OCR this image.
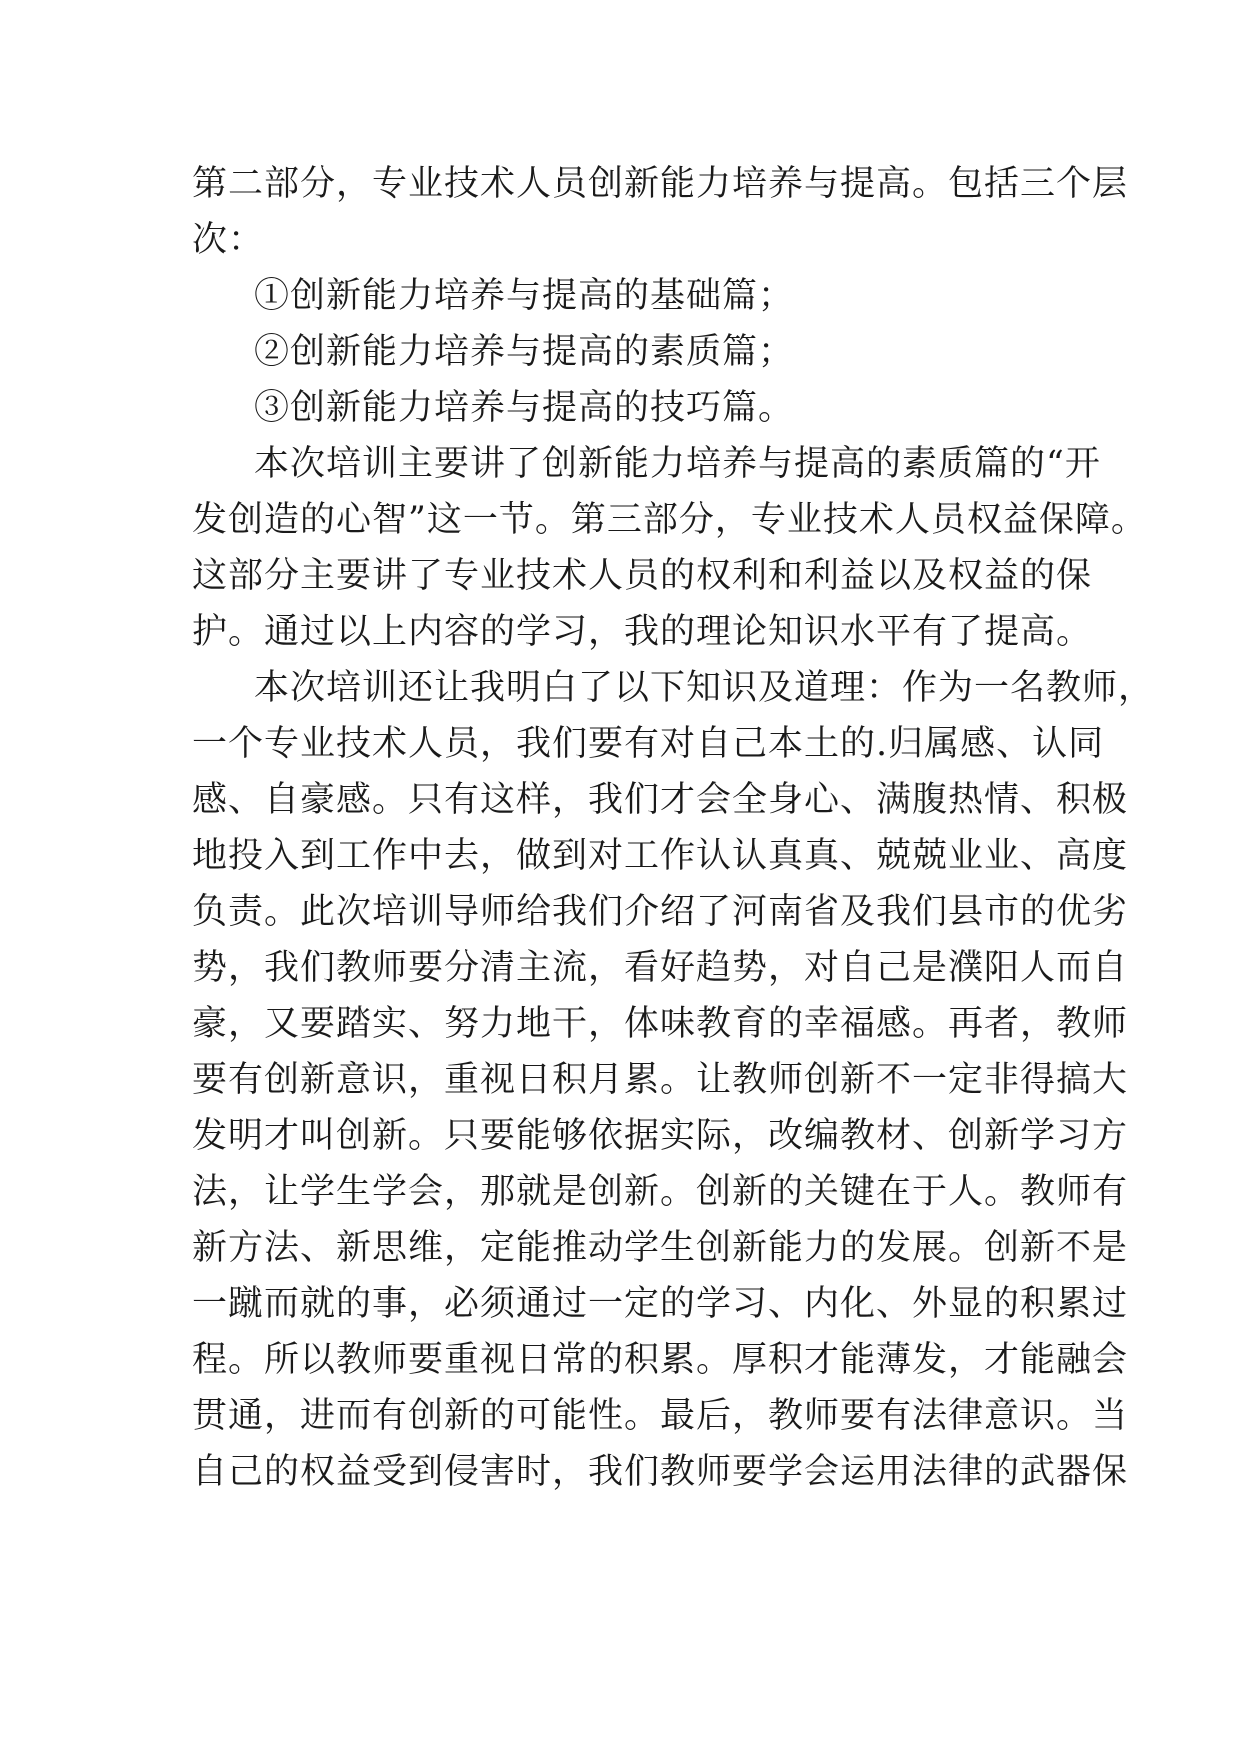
第二部分，专业技术人员创新能力培养与提高。包括三个层
次：
①创新能力培养与提高的基础篇；
②创新能力培养与提高的素质篇；
③创新能力培养与提高的技巧篇。
本次培训主要讲了创新能力培养与提高的素质篇的“开
发创造的心智”这一节。第三部分，专业技术人员权益保障。
这部分主要讲了专业技术人员的权利和利益以及权益的保
护。通过以上内容的学习，我的理论知识水平有了提高。
本次培训还让我明白了以下知识及道理：作为一名教师，
一个专业技术人员，我们要有对自己本土的.归属感、认同
感、自豪感。只有这样，我们才会全身心、满腹热情、积极
地投入到工作中去，做到对工作认认真真、兢兢业业、高度
负责。此次培训导师给我们介绍了河南省及我们县市的优劣
势，我们教师要分清主流，看好趋势，对自己是濮阳人而自
豪，又要踏实、努力地干，体味教育的幸福感。再者，教师
要有创新意识，重视日积月累。让教师创新不一定非得搞大
发明才叫创新。只要能够依据实际，改编教材、创新学习方
法，让学生学会，那就是创新。创新的关键在于人。教师有
新方法、新思维，定能推动学生创新能力的发展。创新不是
一蹴而就的事，必须通过一定的学习、内化、外显的积累过
程。所以教师要重视日常的积累。厚积才能薄发，才能融会
贯通，进而有创新的可能性。最后，教师要有法律意识。当
自己的权益受到侵害时，我们教师要学会运用法律的武器保
